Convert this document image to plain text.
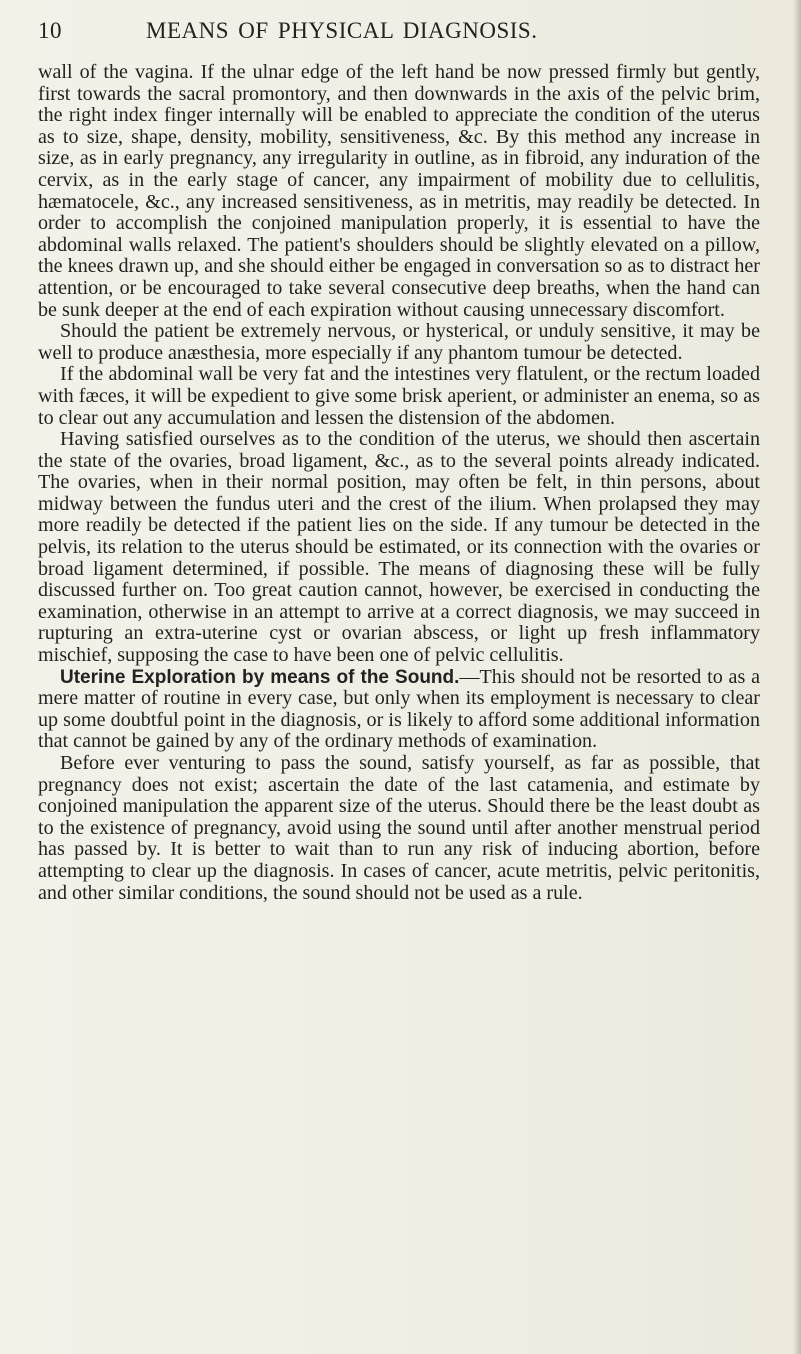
10	MEANS OF PHYSICAL DIAGNOSIS.

wall of the vagina. If the ulnar edge of the left hand be now pressed firmly but gently, first towards the sacral promontory, and then downwards in the axis of the pelvic brim, the right index finger internally will be enabled to appreciate the condition of the uterus as to size, shape, density, mobility, sensitiveness, &c. By this method any increase in size, as in early pregnancy, any irregularity in outline, as in fibroid, any induration of the cervix, as in the early stage of cancer, any impairment of mobility due to cellulitis, hæmatocele, &c., any increased sensitiveness, as in metritis, may readily be detected. In order to accomplish the conjoined manipulation properly, it is essential to have the abdominal walls relaxed. The patient's shoulders should be slightly elevated on a pillow, the knees drawn up, and she should either be engaged in conversation so as to distract her attention, or be encouraged to take several consecutive deep breaths, when the hand can be sunk deeper at the end of each expiration without causing unnecessary discomfort.

Should the patient be extremely nervous, or hysterical, or unduly sensitive, it may be well to produce anæsthesia, more especially if any phantom tumour be detected.

If the abdominal wall be very fat and the intestines very flatulent, or the rectum loaded with fæces, it will be expedient to give some brisk aperient, or administer an enema, so as to clear out any accumulation and lessen the distension of the abdomen.

Having satisfied ourselves as to the condition of the uterus, we should then ascertain the state of the ovaries, broad ligament, &c., as to the several points already indicated. The ovaries, when in their normal position, may often be felt, in thin persons, about midway between the fundus uteri and the crest of the ilium. When prolapsed they may more readily be detected if the patient lies on the side. If any tumour be detected in the pelvis, its relation to the uterus should be estimated, or its connection with the ovaries or broad ligament determined, if possible. The means of diagnosing these will be fully discussed further on. Too great caution cannot, however, be exercised in conducting the examination, otherwise in an attempt to arrive at a correct diagnosis, we may succeed in rupturing an extra-uterine cyst or ovarian abscess, or light up fresh inflammatory mischief, supposing the case to have been one of pelvic cellulitis.

Uterine Exploration by means of the Sound.—This should not be resorted to as a mere matter of routine in every case, but only when its employment is necessary to clear up some doubtful point in the diagnosis, or is likely to afford some additional information that cannot be gained by any of the ordinary methods of examination.

Before ever venturing to pass the sound, satisfy yourself, as far as possible, that pregnancy does not exist; ascertain the date of the last catamenia, and estimate by conjoined manipulation the apparent size of the uterus. Should there be the least doubt as to the existence of pregnancy, avoid using the sound until after another menstrual period has passed by. It is better to wait than to run any risk of inducing abortion, before attempting to clear up the diagnosis. In cases of cancer, acute metritis, pelvic peritonitis, and other similar conditions, the sound should not be used as a rule.
